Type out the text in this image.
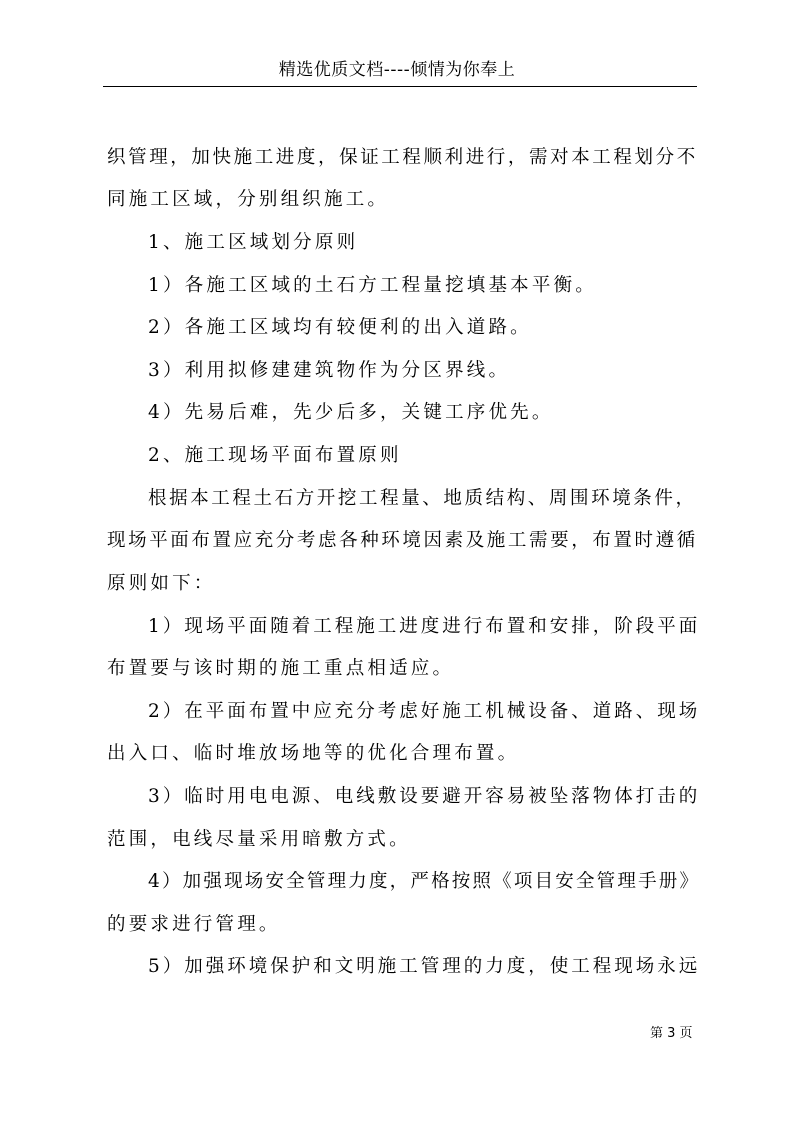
精选优质文档----倾情为你奉上
织管理，加快施工进度，保证工程顺利进行，需对本工程划分不
同施工区域，分别组织施工。
1、施工区域划分原则
1）各施工区域的土石方工程量挖填基本平衡。
2）各施工区域均有较便利的出入道路。
3）利用拟修建建筑物作为分区界线。
4）先易后难，先少后多，关键工序优先。
2、施工现场平面布置原则
根据本工程土石方开挖工程量、地质结构、周围环境条件，
现场平面布置应充分考虑各种环境因素及施工需要，布置时遵循
原则如下：
1）现场平面随着工程施工进度进行布置和安排，阶段平面
布置要与该时期的施工重点相适应。
2）在平面布置中应充分考虑好施工机械设备、道路、现场
出入口、临时堆放场地等的优化合理布置。
3）临时用电电源、电线敷设要避开容易被坠落物体打击的
范围，电线尽量采用暗敷方式。
4）加强现场安全管理力度，严格按照《项目安全管理手册》
的要求进行管理。
5）加强环境保护和文明施工管理的力度，使工程现场永远
第 3 页
